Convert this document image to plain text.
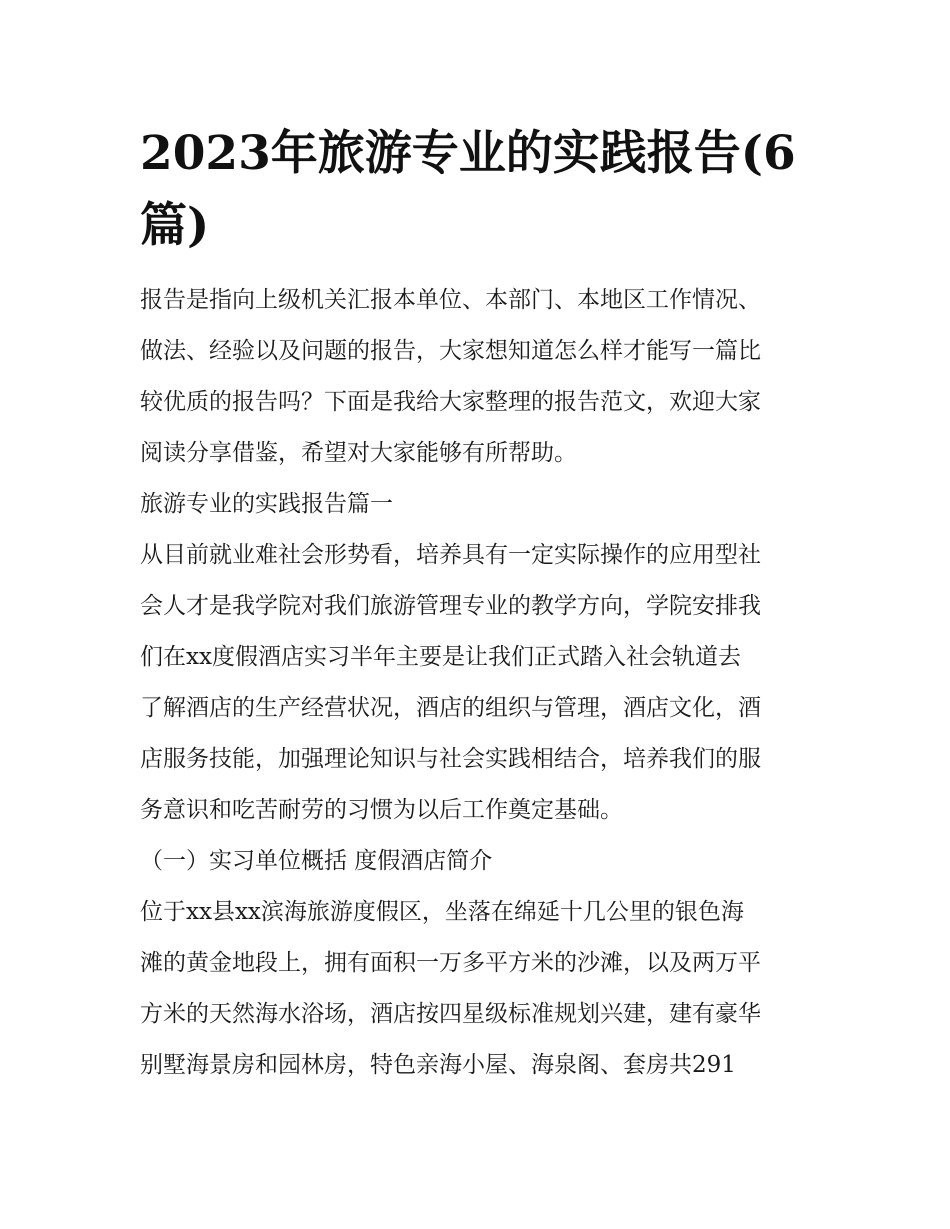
2023年旅游专业的实践报告(6
篇)

报告是指向上级机关汇报本单位、本部门、本地区工作情况、

做法、经验以及问题的报告，大家想知道怎么样才能写一篇比

较优质的报告吗？下面是我给大家整理的报告范文，欢迎大家

阅读分享借鉴，希望对大家能够有所帮助。

旅游专业的实践报告篇一

从目前就业难社会形势看，培养具有一定实际操作的应用型社

会人才是我学院对我们旅游管理专业的教学方向，学院安排我

们在xx度假酒店实习半年主要是让我们正式踏入社会轨道去

了解酒店的生产经营状况，酒店的组织与管理，酒店文化，酒

店服务技能，加强理论知识与社会实践相结合，培养我们的服

务意识和吃苦耐劳的习惯为以后工作奠定基础。

（一）实习单位概括 度假酒店简介

位于xx县xx滨海旅游度假区，坐落在绵延十几公里的银色海

滩的黄金地段上，拥有面积一万多平方米的沙滩，以及两万平

方米的天然海水浴场，酒店按四星级标准规划兴建，建有豪华

别墅海景房和园林房，特色亲海小屋、海泉阁、套房共291
